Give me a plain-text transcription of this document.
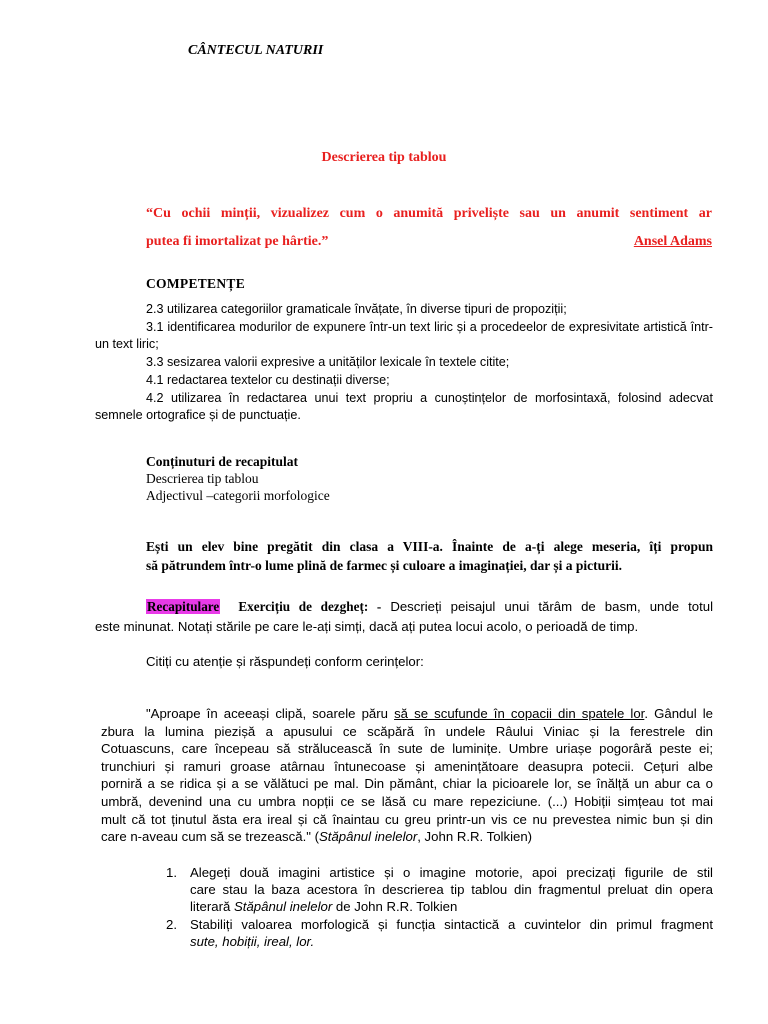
CÂNTECUL NATURII
Descrierea tip tablou
“Cu ochii minții, vizualizez cum o anumită priveliște sau un anumit sentiment ar
putea fi imortalizat pe hârtie.”	Ansel Adams
COMPETENȚE
2.3 utilizarea categoriilor gramaticale învățate, în diverse tipuri de propoziții;
3.1 identificarea modurilor de expunere într-un text liric și a procedeelor de expresivitate artistică într-un text liric;
3.3 sesizarea valorii expresive a unităților lexicale în textele citite;
4.1 redactarea textelor cu destinații diverse;
4.2 utilizarea în redactarea unui text propriu a cunoștințelor de morfosintaxă, folosind adecvat semnele ortografice și de punctuație.
Conținuturi de recapitulat
Descrierea tip tablou
Adjectivul –categorii morfologice
Ești un elev bine pregătit din clasa a VIII-a. Înainte de a-ți alege meseria, îți propun
să pătrundem într-o lume plină de farmec și culoare a imaginației, dar și a picturii.
Recapitulare Exercițiu de dezgheț: - Descrieți peisajul unui tărâm de basm, unde totul
este minunat. Notați stările pe care le-ați simți, dacă ați putea locui acolo, o perioadă de timp.
Citiți cu atenție și răspundeți conform cerințelor:
"Aproape în aceeași clipă, soarele păru să se scufunde în copacii din spatele lor. Gândul le
zbura la lumina piezișă a apusului ce scăpără în undele Râului Viniac și la ferestrele din
Cotuascuns, care începeau să strălucească în sute de luminițe. Umbre uriașe pogorâră peste ei;
trunchiuri și ramuri groase atârnau întunecoase și amenințătoare deasupra potecii. Cețuri albe
porniră a se ridica și a se vălătuci pe mal. Din pământ, chiar la picioarele lor, se înălță un abur ca o
umbră, devenind una cu umbra nopții ce se lăsă cu mare repeziciune. (...) Hobiții simțeau tot mai
mult că tot ținutul ăsta era ireal și că înaintau cu greu printr-un vis ce nu prevestea nimic bun și din
care n-aveau cum să se trezească." (Stăpânul inelelor, John R.R. Tolkien)
1. Alegeți două imagini artistice și o imagine motorie, apoi precizați figurile de stil
care stau la baza acestora în descrierea tip tablou din fragmentul preluat din opera
literară Stăpânul inelelor de John R.R. Tolkien
2. Stabiliți valoarea morfologică și funcția sintactică a cuvintelor din primul fragment
sute, hobiții, ireal, lor.
